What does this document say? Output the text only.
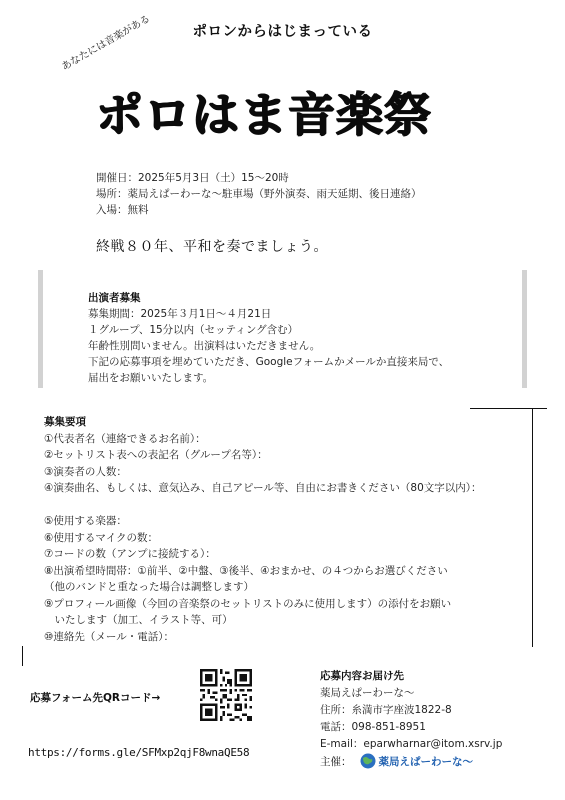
ポロンからはじまっている
あなたには音楽がある
ポロはま音楽祭
開催日：2025年5月3日（土）15〜20時
場所：薬局えぱーわーな〜駐車場（野外演奏、雨天延期、後日連絡）
入場：無料
終戦８０年、平和を奏でましょう。
出演者募集
募集期間：2025年３月1日〜４月21日
１グループ、15分以内（セッティング含む）
年齢性別問いません。出演料はいただきません。
下記の応募事項を埋めていただき、Googleフォームかメールか直接来局で、
届出をお願いいたします。
募集要項
①代表者名（連絡できるお名前）：
②セットリスト表への表記名（グループ名等）：
③演奏者の人数：
④演奏曲名、もしくは、意気込み、自己アピール等、自由にお書きください（80文字以内）：
⑤使用する楽器：
⑥使用するマイクの数：
⑦コードの数（アンプに接続する）：
⑧出演希望時間帯：①前半、②中盤、③後半、④おまかせ、の４つからお選びください
（他のバンドと重なった場合は調整します）
⑨プロフィール画像（今回の音楽祭のセットリストのみに使用します）の添付をお願い
　いたします（加工、イラスト等、可）
⑩連絡先（メール・電話）：
応募フォーム先QRコード→
https://forms.gle/SFMxp2qjF8wnaQE58
応募内容お届け先
薬局えぱーわーな〜
住所：糸満市字座波1822-8
電話：098-851-8951
E-mail：eparwharnar@itom.xsrv.jp
主催：	薬局えぱーわーな〜
